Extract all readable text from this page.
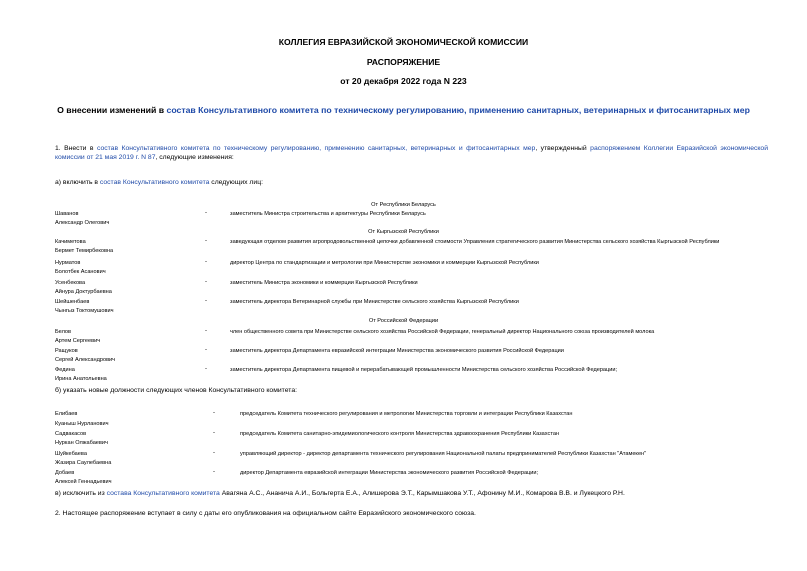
КОЛЛЕГИЯ ЕВРАЗИЙСКОЙ ЭКОНОМИЧЕСКОЙ КОМИССИИ
РАСПОРЯЖЕНИЕ
от 20 декабря 2022 года N 223
О внесении изменений в состав Консультативного комитета по техническому регулированию, применению санитарных, ветеринарных и фитосанитарных мер
1. Внести в состав Консультативного комитета по техническому регулированию, применению санитарных, ветеринарных и фитосанитарных мер, утвержденный распоряжением Коллегии Евразийской экономической комиссии от 21 мая 2019 г. N 87, следующие изменения:
а) включить в состав Консультативного комитета следующих лиц:
От Республики Беларусь
Шаванов
Александр Олегович
-	заместитель Министра строительства и архитектуры Республики Беларусь
От Кыргызской Республики
Качиметова
Бермет Темирбековна
-	заведующая отделом развития агропродовольственной цепочки добавленной стоимости Управления стратегического развития Министерства сельского хозяйства Кыргызской Республики
Нурматов
Болотбек Асанович
-	директор Центра по стандартизации и метрологии при Министерстве экономики и коммерции Кыргызской Республики
Усенбекова
Айнура Доктурбаевна
-	заместитель Министра экономики и коммерции Кыргызской Республики
Шейшенбаев
Чынгыз Токтомушович
-	заместитель директора Ветеринарной службы при Министерстве сельского хозяйства Кыргызской Республики
От Российской Федерации
Белов
Артем Сергеевич
-	член общественного совета при Министерстве сельского хозяйства Российской Федерации, генеральный директор Национального союза производителей молока
Ращуков
Сергей Александрович
-	заместитель директора Департамента евразийской интеграции Министерства экономического развития Российской Федерации
Федина
Ирина Анатольевна
-	заместитель директора Департамента пищевой и перерабатывающей промышленности Министерства сельского хозяйства Российской Федерации;
б) указать новые должности следующих членов Консультативного комитета:
Елибаев
Куаныш Нурланович
-	председатель Комитета технического регулирования и метрологии Министерства торговли и интеграции Республики Казахстан
Садвакасов
Нуркан Олжабаевич
-	председатель Комитета санитарно-эпидемиологического контроля Министерства здравоохранения Республики Казахстан
Шуйкебаева
Жазира Саулебаевна
-	управляющий директор - директор департамента технического регулирования Национальной палаты предпринимателей Республики Казахстан "Атамекен"
Добаев
Алексей Геннадьевич
-	директор Департамента евразийской интеграции Министерства экономического развития Российской Федерации;
в) исключить из состава Консультативного комитета Авагяна А.С., Ананича А.И., Больгерта Е.А., Алишерова Э.Т., Карымшакова У.Т., Афонину М.И., Комарова В.В. и Лукецкого Р.Н.
2. Настоящее распоряжение вступает в силу с даты его опубликования на официальном сайте Евразийского экономического союза.
